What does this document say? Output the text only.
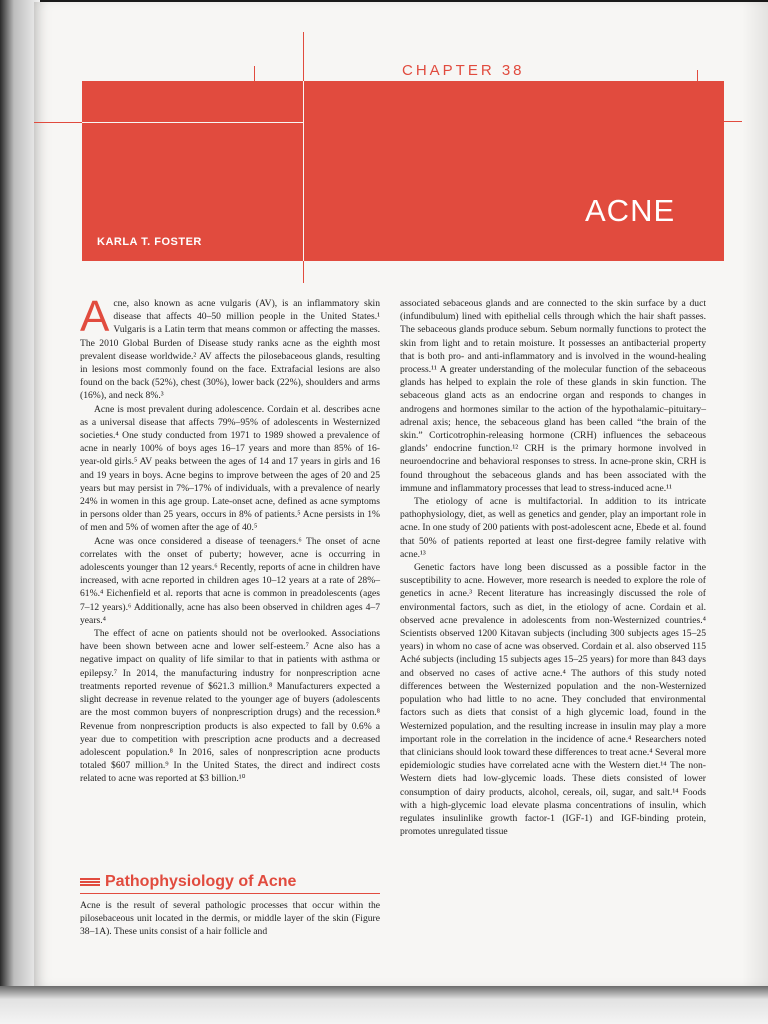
CHAPTER 38
ACNE
KARLA T. FOSTER

Acne, also known as acne vulgaris (AV), is an inflammatory skin disease that affects 40–50 million people in the United States.¹ Vulgaris is a Latin term that means common or affecting the masses. The 2010 Global Burden of Disease study ranks acne as the eighth most prevalent disease worldwide.² AV affects the pilosebaceous glands, resulting in lesions most commonly found on the face. Extrafacial lesions are also found on the back (52%), chest (30%), lower back (22%), shoulders and arms (16%), and neck 8%.³

Acne is most prevalent during adolescence. Cordain et al. describes acne as a universal disease that affects 79%–95% of adolescents in Westernized societies.⁴ One study conducted from 1971 to 1989 showed a prevalence of acne in nearly 100% of boys ages 16–17 years and more than 85% of 16-year-old girls.⁵ AV peaks between the ages of 14 and 17 years in girls and 16 and 19 years in boys. Acne begins to improve between the ages of 20 and 25 years but may persist in 7%–17% of individuals, with a prevalence of nearly 24% in women in this age group. Late-onset acne, defined as acne symptoms in persons older than 25 years, occurs in 8% of patients.⁵ Acne persists in 1% of men and 5% of women after the age of 40.⁵

Acne was once considered a disease of teenagers.⁶ The onset of acne correlates with the onset of puberty; however, acne is occurring in adolescents younger than 12 years.⁶ Recently, reports of acne in children have increased, with acne reported in children ages 10–12 years at a rate of 28%–61%.⁴ Eichenfield et al. reports that acne is common in preadolescents (ages 7–12 years).⁶ Additionally, acne has also been observed in children ages 4–7 years.⁴

The effect of acne on patients should not be overlooked. Associations have been shown between acne and lower self-esteem.⁷ Acne also has a negative impact on quality of life similar to that in patients with asthma or epilepsy.⁷ In 2014, the manufacturing industry for nonprescription acne treatments reported revenue of $621.3 million.⁸ Manufacturers expected a slight decrease in revenue related to the younger age of buyers (adolescents are the most common buyers of nonprescription drugs) and the recession.⁸ Revenue from nonprescription products is also expected to fall by 0.6% a year due to competition with prescription acne products and a decreased adolescent population.⁸ In 2016, sales of nonprescription acne products totaled $607 million.⁹ In the United States, the direct and indirect costs related to acne was reported at $3 billion.¹⁰

Pathophysiology of Acne

Acne is the result of several pathologic processes that occur within the pilosebaceous unit located in the dermis, or middle layer of the skin (Figure 38–1A). These units consist of a hair follicle and

associated sebaceous glands and are connected to the skin surface by a duct (infundibulum) lined with epithelial cells through which the hair shaft passes. The sebaceous glands produce sebum. Sebum normally functions to protect the skin from light and to retain moisture. It possesses an antibacterial property that is both pro- and anti-inflammatory and is involved in the wound-healing process.¹¹ A greater understanding of the molecular function of the sebaceous glands has helped to explain the role of these glands in skin function. The sebaceous gland acts as an endocrine organ and responds to changes in androgens and hormones similar to the action of the hypothalamic–pituitary–adrenal axis; hence, the sebaceous gland has been called “the brain of the skin.” Corticotrophin-releasing hormone (CRH) influences the sebaceous glands’ endocrine function.¹² CRH is the primary hormone involved in neuroendocrine and behavioral responses to stress. In acne-prone skin, CRH is found throughout the sebaceous glands and has been associated with the immune and inflammatory processes that lead to stress-induced acne.¹¹

The etiology of acne is multifactorial. In addition to its intricate pathophysiology, diet, as well as genetics and gender, play an important role in acne. In one study of 200 patients with post-adolescent acne, Ebede et al. found that 50% of patients reported at least one first-degree family relative with acne.¹³

Genetic factors have long been discussed as a possible factor in the susceptibility to acne. However, more research is needed to explore the role of genetics in acne.³ Recent literature has increasingly discussed the role of environmental factors, such as diet, in the etiology of acne. Cordain et al. observed acne prevalence in adolescents from non-Westernized countries.⁴ Scientists observed 1200 Kitavan subjects (including 300 subjects ages 15–25 years) in whom no case of acne was observed. Cordain et al. also observed 115 Aché subjects (including 15 subjects ages 15–25 years) for more than 843 days and observed no cases of active acne.⁴ The authors of this study noted differences between the Westernized population and the non-Westernized population who had little to no acne. They concluded that environmental factors such as diets that consist of a high glycemic load, found in the Westernized population, and the resulting increase in insulin may play a more important role in the correlation in the incidence of acne.⁴ Researchers noted that clinicians should look toward these differences to treat acne.⁴ Several more epidemiologic studies have correlated acne with the Western diet.¹⁴ The non-Western diets had low-glycemic loads. These diets consisted of lower consumption of dairy products, alcohol, cereals, oil, sugar, and salt.¹⁴ Foods with a high-glycemic load elevate plasma concentrations of insulin, which regulates insulinlike growth factor-1 (IGF-1) and IGF-binding protein, promotes unregulated tissue
